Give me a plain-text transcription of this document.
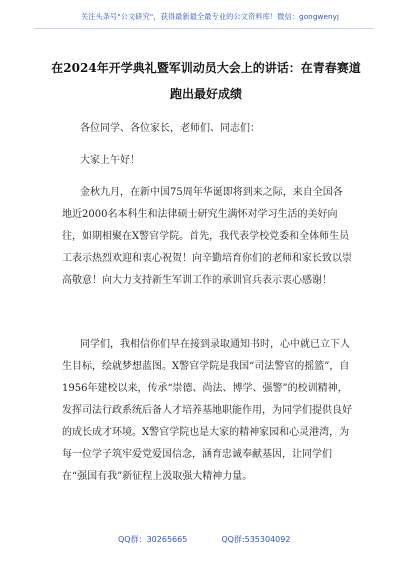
关注头条号"公文研究"，获得最新最全最专业的公文资料库！微信：gongwenyj
在2024年开学典礼暨军训动员大会上的讲话：在青春赛道跑出最好成绩
各位同学、各位家长，老师们、同志们：
大家上午好！
金秋九月，在新中国75周年华诞即将到来之际，来自全国各地近2000名本科生和法律硕士研究生满怀对学习生活的美好向往，如期相聚在X警官学院。首先，我代表学校党委和全体师生员工表示热烈欢迎和衷心祝贺！向辛勤培育你们的老师和家长致以崇高敬意！向大力支持新生军训工作的承训官兵表示衷心感谢！
同学们，我相信你们早在接到录取通知书时，心中就已立下人生目标，绘就梦想蓝图。X警官学院是我国“司法警官的摇篮”，自1956年建校以来，传承“崇德、尚法、博学、强警”的校训精神，发挥司法行政系统后备人才培养基地职能作用，为同学们提供良好的成长成才环境。X警官学院也是大家的精神家园和心灵港湾，为每一位学子筑牢爱党爱国信念，涵育忠诚奉献基因，让同学们在“强国有我”新征程上汲取强大精神力量。
QQ群：30265665	QQ群:535304092
